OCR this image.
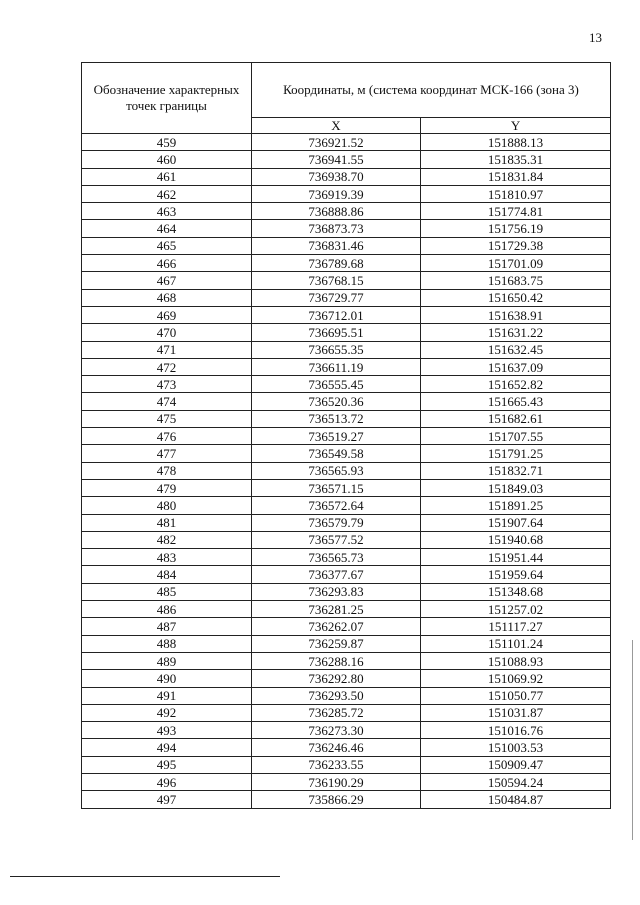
13
Обозначение характерных точек границы	Координаты, м (система координат МСК-166 (зона 3)	
	X	Y
459	736921.52	151888.13
460	736941.55	151835.31
461	736938.70	151831.84
462	736919.39	151810.97
463	736888.86	151774.81
464	736873.73	151756.19
465	736831.46	151729.38
466	736789.68	151701.09
467	736768.15	151683.75
468	736729.77	151650.42
469	736712.01	151638.91
470	736695.51	151631.22
471	736655.35	151632.45
472	736611.19	151637.09
473	736555.45	151652.82
474	736520.36	151665.43
475	736513.72	151682.61
476	736519.27	151707.55
477	736549.58	151791.25
478	736565.93	151832.71
479	736571.15	151849.03
480	736572.64	151891.25
481	736579.79	151907.64
482	736577.52	151940.68
483	736565.73	151951.44
484	736377.67	151959.64
485	736293.83	151348.68
486	736281.25	151257.02
487	736262.07	151117.27
488	736259.87	151101.24
489	736288.16	151088.93
490	736292.80	151069.92
491	736293.50	151050.77
492	736285.72	151031.87
493	736273.30	151016.76
494	736246.46	151003.53
495	736233.55	150909.47
496	736190.29	150594.24
497	735866.29	150484.87
